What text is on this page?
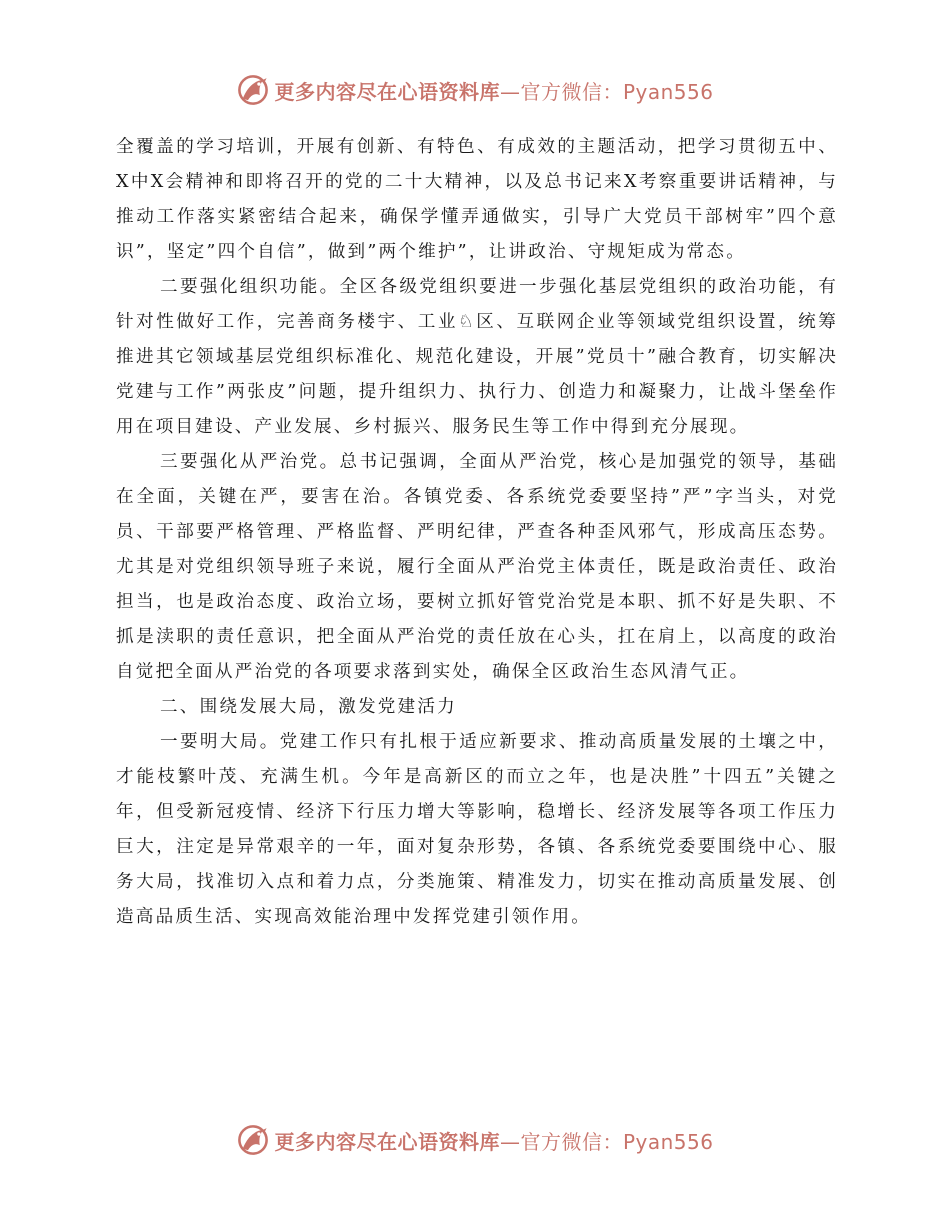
更多内容尽在心语资料库—官方微信：Pyan556

全覆盖的学习培训，开展有创新、有特色、有成效的主题活动，把学习贯彻五中、X中X会精神和即将召开的党的二十大精神，以及总书记来X考察重要讲话精神，与推动工作落实紧密结合起来，确保学懂弄通做实，引导广大党员干部树牢”四个意识”，坚定”四个自信”，做到”两个维护”，让讲政治、守规矩成为常态。

二要强化组织功能。全区各级党组织要进一步强化基层党组织的政治功能，有针对性做好工作，完善商务楼宇、工业♘区、互联网企业等领域党组织设置，统筹推进其它领域基层党组织标准化、规范化建设，开展”党员十”融合教育，切实解决党建与工作”两张皮”问题，提升组织力、执行力、创造力和凝聚力，让战斗堡垒作用在项目建设、产业发展、乡村振兴、服务民生等工作中得到充分展现。

三要强化从严治党。总书记强调，全面从严治党，核心是加强党的领导，基础在全面，关键在严，要害在治。各镇党委、各系统党委要坚持”严”字当头，对党员、干部要严格管理、严格监督、严明纪律，严查各种歪风邪气，形成高压态势。尤其是对党组织领导班子来说，履行全面从严治党主体责任，既是政治责任、政治担当，也是政治态度、政治立场，要树立抓好管党治党是本职、抓不好是失职、不抓是渎职的责任意识，把全面从严治党的责任放在心头，扛在肩上，以高度的政治自觉把全面从严治党的各项要求落到实处，确保全区政治生态风清气正。

二、围绕发展大局，激发党建活力

一要明大局。党建工作只有扎根于适应新要求、推动高质量发展的土壤之中，才能枝繁叶茂、充满生机。今年是高新区的而立之年，也是决胜”十四五”关键之年，但受新冠疫情、经济下行压力增大等影响，稳增长、经济发展等各项工作压力巨大，注定是异常艰辛的一年，面对复杂形势，各镇、各系统党委要围绕中心、服务大局，找准切入点和着力点，分类施策、精准发力，切实在推动高质量发展、创造高品质生活、实现高效能治理中发挥党建引领作用。

更多内容尽在心语资料库—官方微信：Pyan556
